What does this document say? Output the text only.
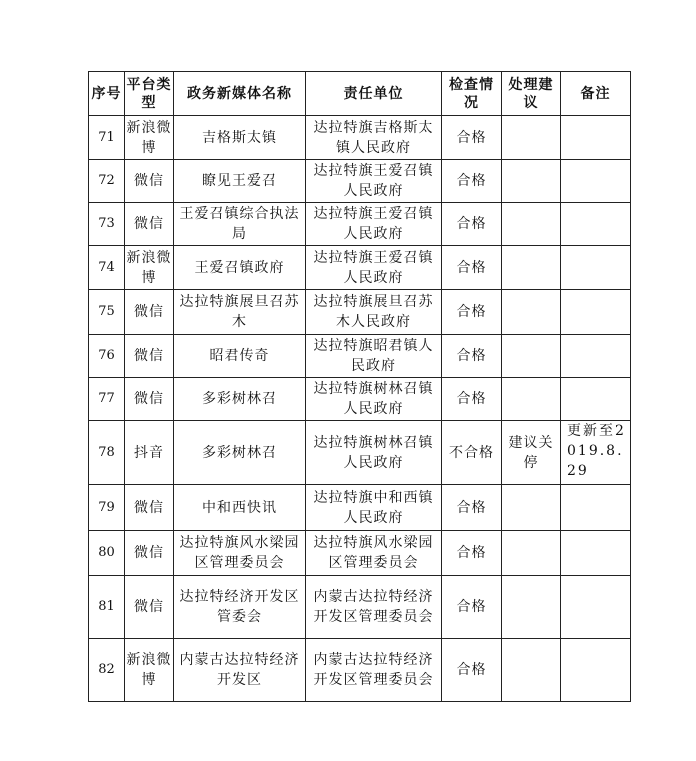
序号	平台类型	政务新媒体名称	责任单位	检查情况	处理建议	备注
71	新浪微博	吉格斯太镇	达拉特旗吉格斯太镇人民政府	合格		
72	微信	瞭见王爱召	达拉特旗王爱召镇人民政府	合格		
73	微信	王爱召镇综合执法局	达拉特旗王爱召镇人民政府	合格		
74	新浪微博	王爱召镇政府	达拉特旗王爱召镇人民政府	合格		
75	微信	达拉特旗展旦召苏木	达拉特旗展旦召苏木人民政府	合格		
76	微信	昭君传奇	达拉特旗昭君镇人民政府	合格		
77	微信	多彩树林召	达拉特旗树林召镇人民政府	合格		
78	抖音	多彩树林召	达拉特旗树林召镇人民政府	不合格	建议关停	更新至2019.8.29
79	微信	中和西快讯	达拉特旗中和西镇人民政府	合格		
80	微信	达拉特旗风水梁园区管理委员会	达拉特旗风水梁园区管理委员会	合格		
81	微信	达拉特经济开发区管委会	内蒙古达拉特经济开发区管理委员会	合格		
82	新浪微博	内蒙古达拉特经济开发区	内蒙古达拉特经济开发区管理委员会	合格		
